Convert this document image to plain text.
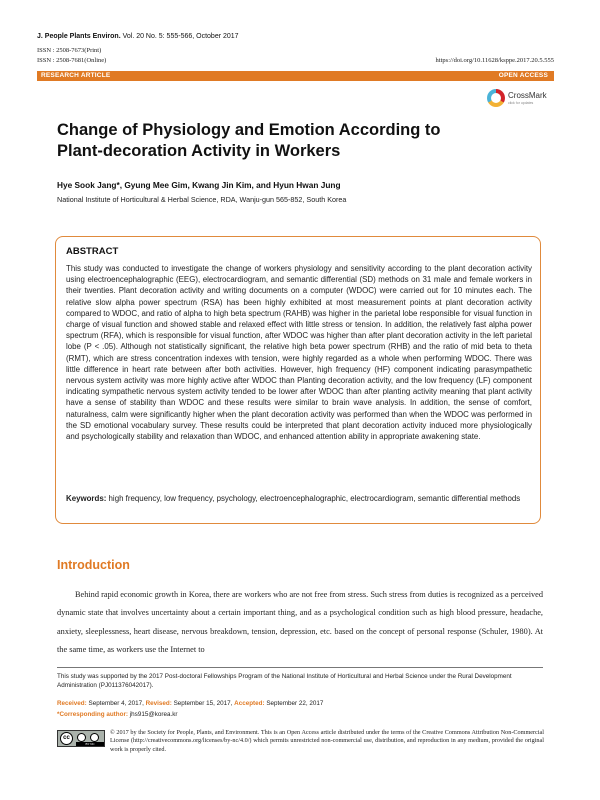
J. People Plants Environ. Vol. 20 No. 5: 555-566, October 2017
ISSN : 2508-7673(Print)
ISSN : 2508-7681(Online)	https://doi.org/10.11628/ksppe.2017.20.5.555
RESEARCH ARTICLE	OPEN ACCESS
CrossMark
click for updates
Change of Physiology and Emotion According to Plant-decoration Activity in Workers
Hye Sook Jang*, Gyung Mee Gim, Kwang Jin Kim, and Hyun Hwan Jung
National Institute of Horticultural & Herbal Science, RDA, Wanju-gun 565-852, South Korea
ABSTRACT
This study was conducted to investigate the change of workers physiology and sensitivity according to the plant decoration activity using electroencephalographic (EEG), electrocardiogram, and semantic differential (SD) methods on 31 male and female workers in their twenties. Plant decoration activity and writing documents on a computer (WDOC) were carried out for 10 minutes each. The relative slow alpha power spectrum (RSA) has been highly exhibited at most measurement points at plant decoration activity compared to WDOC, and ratio of alpha to high beta spectrum (RAHB) was higher in the parietal lobe responsible for visual function in charge of visual function and showed stable and relaxed effect with little stress or tension. In addition, the relatively fast alpha power spectrum (RFA), which is responsible for visual function, after WDOC was higher than after plant decoration activity in the left parietal lobe (P < .05). Although not statistically significant, the relative high beta power spectrum (RHB) and the ratio of mid beta to theta (RMT), which are stress concentration indexes with tension, were highly regarded as a whole when performing WDOC. There was little difference in heart rate between after both activities. However, high frequency (HF) component indicating parasympathetic nervous system activity was more highly active after WDOC than Planting decoration activity, and the low frequency (LF) component indicating sympathetic nervous system activity tended to be lower after WDOC than after planting activity meaning that plant activity have a sense of stability than WDOC and these results were similar to brain wave analysis. In addition, the sense of comfort, naturalness, calm were significantly higher when the plant decoration activity was performed than when the WDOC was performed in the SD emotional vocabulary survey. These results could be interpreted that plant decoration activity induced more physiologically and psychologically stability and relaxation than WDOC, and enhanced attention ability in appropriate awakening state.
Keywords: high frequency, low frequency, psychology, electroencephalographic, electrocardiogram, semantic differential methods
Introduction
Behind rapid economic growth in Korea, there are workers who are not free from stress. Such stress from duties is recognized as a perceived dynamic state that involves uncertainty about a certain important thing, and as a psychological condition such as high blood pressure, headache, anxiety, sleeplessness, heart disease, nervous breakdown, tension, depression, etc. based on the concept of personal response (Schuler, 1980). At the same time, as workers use the Internet to
This study was supported by the 2017 Post-doctoral Fellowships Program of the National Institute of Horticultural and Herbal Science under the Rural Development Administration (PJ011376042017).
Received: September 4, 2017, Revised: September 15, 2017, Accepted: September 22, 2017
*Corresponding author: jhs915@korea.kr
cc
BY NC
© 2017 by the Society for People, Plants, and Environment. This is an Open Access article distributed under the terms of the Creative Commons Attribution Non-Commercial License (http://creativecommons.org/licenses/by-nc/4.0/) which permits unrestricted non-commercial use, distribution, and reproduction in any medium, provided the original work is properly cited.
